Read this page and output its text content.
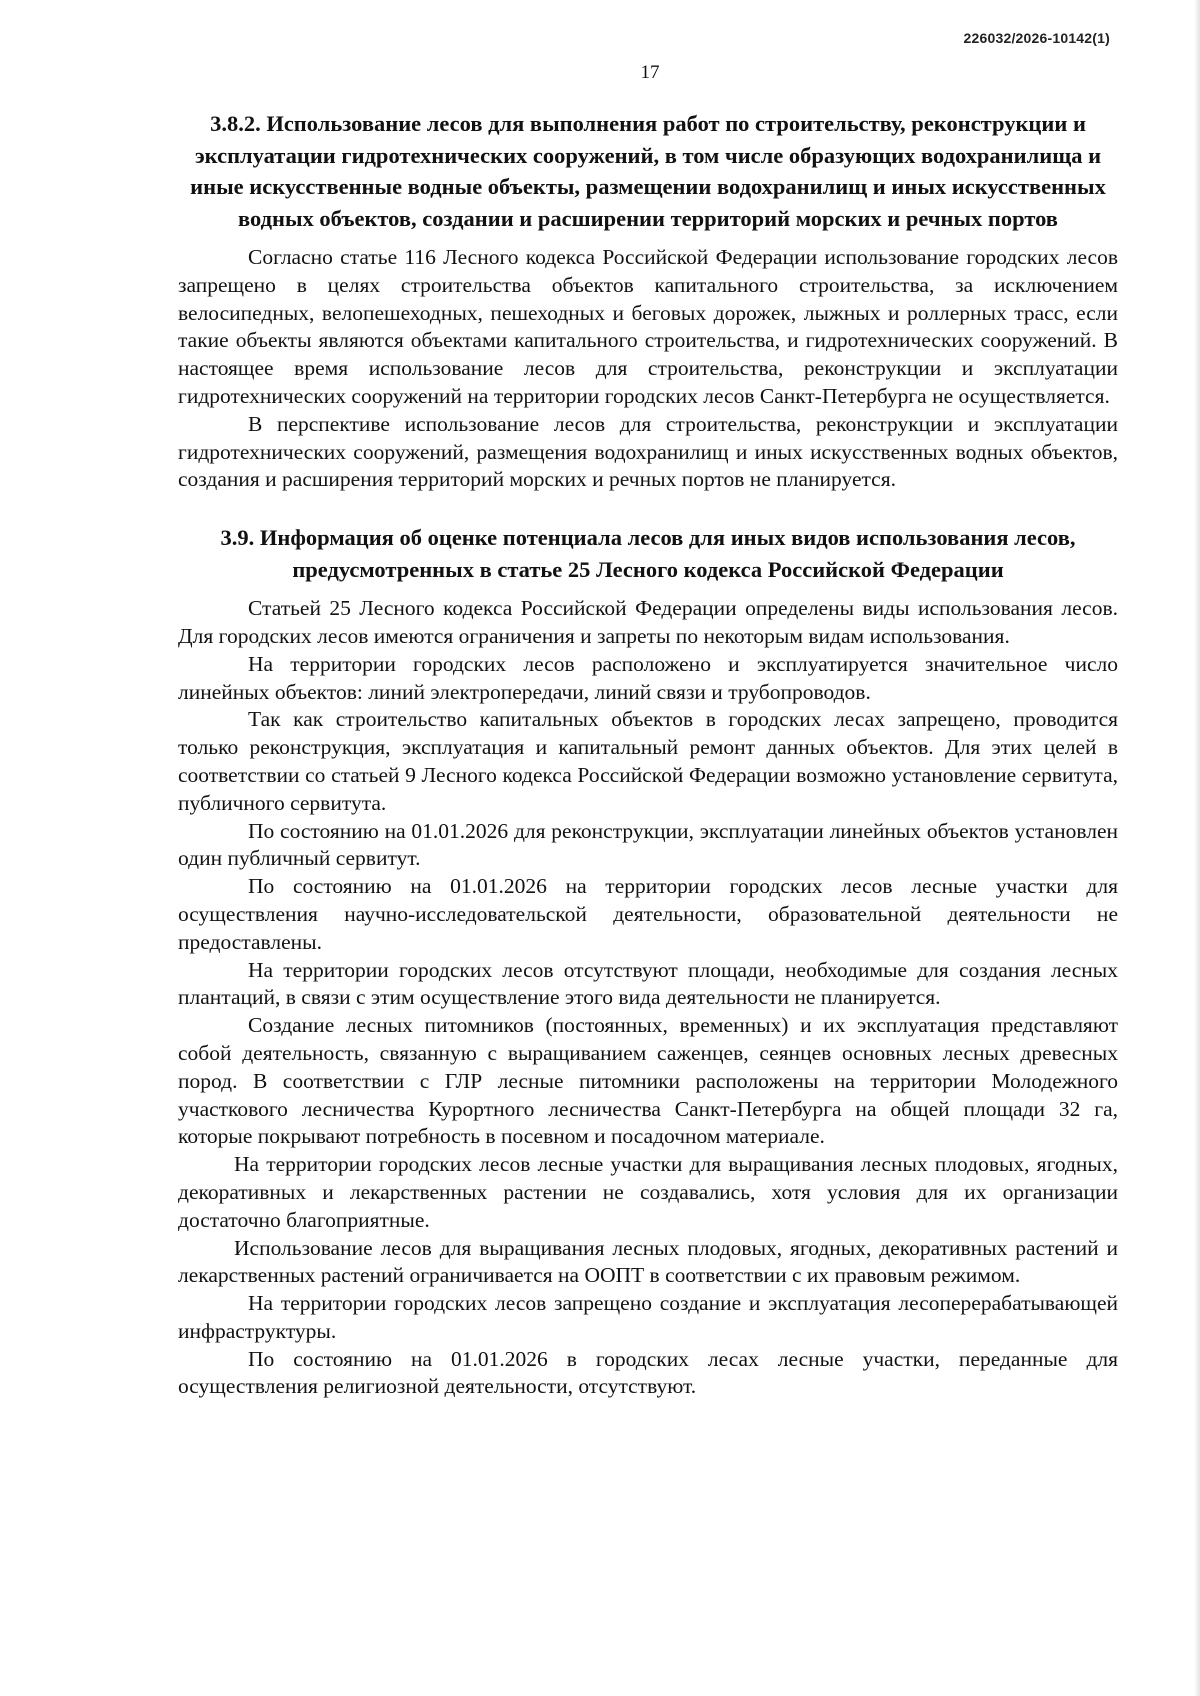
226032/2026-10142(1)
17
3.8.2. Использование лесов для выполнения работ по строительству, реконструкции и эксплуатации гидротехнических сооружений, в том числе образующих водохранилища и иные искусственные водные объекты, размещении водохранилищ и иных искусственных водных объектов, создании и расширении территорий морских и речных портов

Согласно статье 116 Лесного кодекса Российской Федерации использование городских лесов запрещено в целях строительства объектов капитального строительства, за исключением велосипедных, велопешеходных, пешеходных и беговых дорожек, лыжных и роллерных трасс, если такие объекты являются объектами капитального строительства, и гидротехнических сооружений. В настоящее время использование лесов для строительства, реконструкции и эксплуатации гидротехнических сооружений на территории городских лесов Санкт-Петербурга не осуществляется.

В перспективе использование лесов для строительства, реконструкции и эксплуатации гидротехнических сооружений, размещения водохранилищ и иных искусственных водных объектов, создания и расширения территорий морских и речных портов не планируется.

3.9. Информация об оценке потенциала лесов для иных видов использования лесов, предусмотренных в статье 25 Лесного кодекса Российской Федерации

Статьей 25 Лесного кодекса Российской Федерации определены виды использования лесов. Для городских лесов имеются ограничения и запреты по некоторым видам использования.

На территории городских лесов расположено и эксплуатируется значительное число линейных объектов: линий электропередачи, линий связи и трубопроводов.

Так как строительство капитальных объектов в городских лесах запрещено, проводится только реконструкция, эксплуатация и капитальный ремонт данных объектов. Для этих целей в соответствии со статьей 9 Лесного кодекса Российской Федерации возможно установление сервитута, публичного сервитута.

По состоянию на 01.01.2026 для реконструкции, эксплуатации линейных объектов установлен один публичный сервитут.

По состоянию на 01.01.2026 на территории городских лесов лесные участки для осуществления научно-исследовательской деятельности, образовательной деятельности не предоставлены.

На территории городских лесов отсутствуют площади, необходимые для создания лесных плантаций, в связи с этим осуществление этого вида деятельности не планируется.

Создание лесных питомников (постоянных, временных) и их эксплуатация представляют собой деятельность, связанную с выращиванием саженцев, сеянцев основных лесных древесных пород. В соответствии с ГЛР лесные питомники расположены на территории Молодежного участкового лесничества Курортного лесничества Санкт-Петербурга на общей площади 32 га, которые покрывают потребность в посевном и посадочном материале.

На территории городских лесов лесные участки для выращивания лесных плодовых, ягодных, декоративных и лекарственных растении не создавались, хотя условия для их организации достаточно благоприятные.

Использование лесов для выращивания лесных плодовых, ягодных, декоративных растений и лекарственных растений ограничивается на ООПТ в соответствии с их правовым режимом.

На территории городских лесов запрещено создание и эксплуатация лесоперерабатывающей инфраструктуры.

По состоянию на 01.01.2026 в городских лесах лесные участки, переданные для осуществления религиозной деятельности, отсутствуют.
